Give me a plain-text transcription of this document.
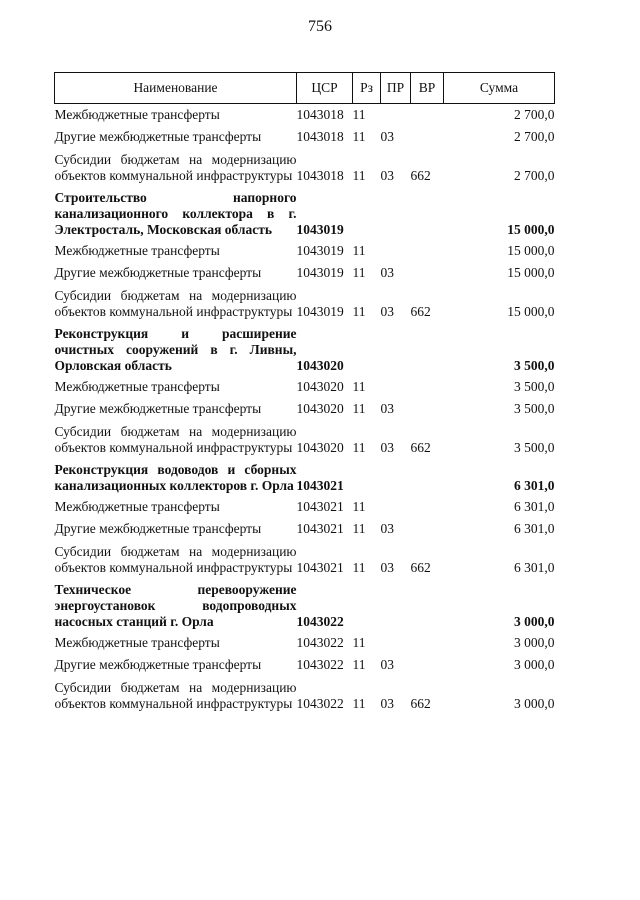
756
Наименование	ЦСР	Рз	ПР	ВР	Сумма
Межбюджетные трансферты	1043018	11			2 700,0
Другие межбюджетные трансферты	1043018	11	03		2 700,0
Субсидии бюджетам на модернизацию объектов коммунальной инфраструктуры	1043018	11	03	662	2 700,0
Строительство напорного канализационного коллектора в г. Электросталь, Московская область	1043019				15 000,0
Межбюджетные трансферты	1043019	11			15 000,0
Другие межбюджетные трансферты	1043019	11	03		15 000,0
Субсидии бюджетам на модернизацию объектов коммунальной инфраструктуры	1043019	11	03	662	15 000,0
Реконструкция и расширение очистных сооружений в г. Ливны, Орловская область	1043020				3 500,0
Межбюджетные трансферты	1043020	11			3 500,0
Другие межбюджетные трансферты	1043020	11	03		3 500,0
Субсидии бюджетам на модернизацию объектов коммунальной инфраструктуры	1043020	11	03	662	3 500,0
Реконструкция водоводов и сборных канализационных коллекторов г. Орла	1043021				6 301,0
Межбюджетные трансферты	1043021	11			6 301,0
Другие межбюджетные трансферты	1043021	11	03		6 301,0
Субсидии бюджетам на модернизацию объектов коммунальной инфраструктуры	1043021	11	03	662	6 301,0
Техническое перевооружение энергоустановок водопроводных насосных станций г. Орла	1043022				3 000,0
Межбюджетные трансферты	1043022	11			3 000,0
Другие межбюджетные трансферты	1043022	11	03		3 000,0
Субсидии бюджетам на модернизацию объектов коммунальной инфраструктуры	1043022	11	03	662	3 000,0
